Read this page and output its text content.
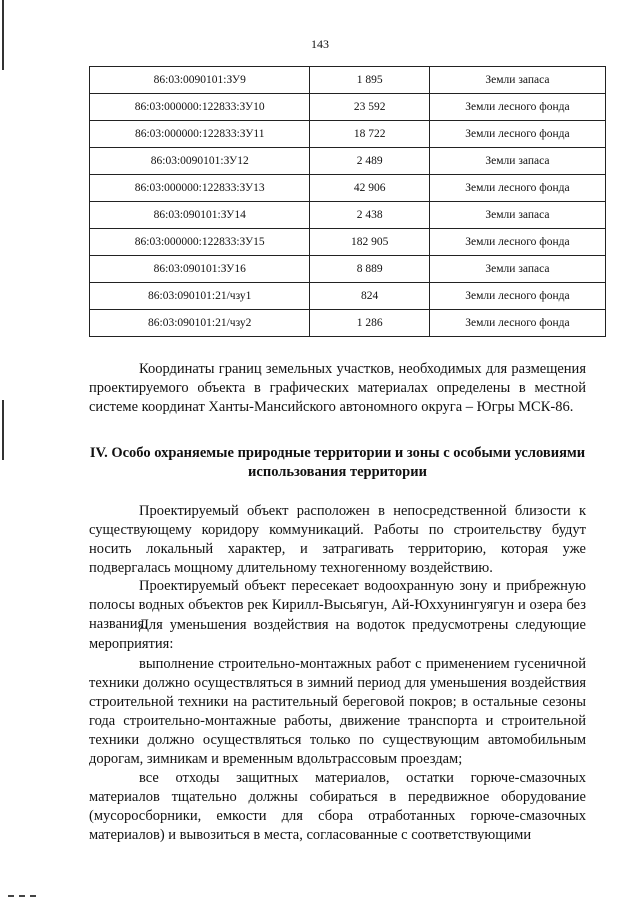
143
86:03:0090101:ЗУ9	1 895	Земли запаса
86:03:000000:122833:ЗУ10	23 592	Земли лесного фонда
86:03:000000:122833:ЗУ11	18 722	Земли лесного фонда
86:03:0090101:ЗУ12	2 489	Земли запаса
86:03:000000:122833:ЗУ13	42 906	Земли лесного фонда
86:03:090101:ЗУ14	2 438	Земли запаса
86:03:000000:122833:ЗУ15	182 905	Земли лесного фонда
86:03:090101:ЗУ16	8 889	Земли запаса
86:03:090101:21/чзу1	824	Земли лесного фонда
86:03:090101:21/чзу2	1 286	Земли лесного фонда

Координаты границ земельных участков, необходимых для размещения проектируемого объекта в графических материалах определены в местной системе координат Ханты-Мансийского автономного округа – Югры МСК-86.

IV. Особо охраняемые природные территории и зоны с особыми условиями использования территории

Проектируемый объект расположен в непосредственной близости к существующему коридору коммуникаций. Работы по строительству будут носить локальный характер, и затрагивать территорию, которая уже подвергалась мощному длительному техногенному воздействию.

Проектируемый объект пересекает водоохранную зону и прибрежную полосы водных объектов рек Кирилл-Высьягун, Ай-Юххунингуягун и озера без названия.

Для уменьшения воздействия на водоток предусмотрены следующие мероприятия:

выполнение строительно-монтажных работ с применением гусеничной техники должно осуществляться в зимний период для уменьшения воздействия строительной техники на растительный береговой покров; в остальные сезоны года строительно-монтажные работы, движение транспорта и строительной техники должно осуществляться только по существующим автомобильным дорогам, зимникам и временным вдольтрассовым проездам;

все отходы защитных материалов, остатки горюче-смазочных материалов тщательно должны собираться в передвижное оборудование (мусоросборники, емкости для сбора отработанных горюче-смазочных материалов) и вывозиться в места, согласованные с соответствующими
